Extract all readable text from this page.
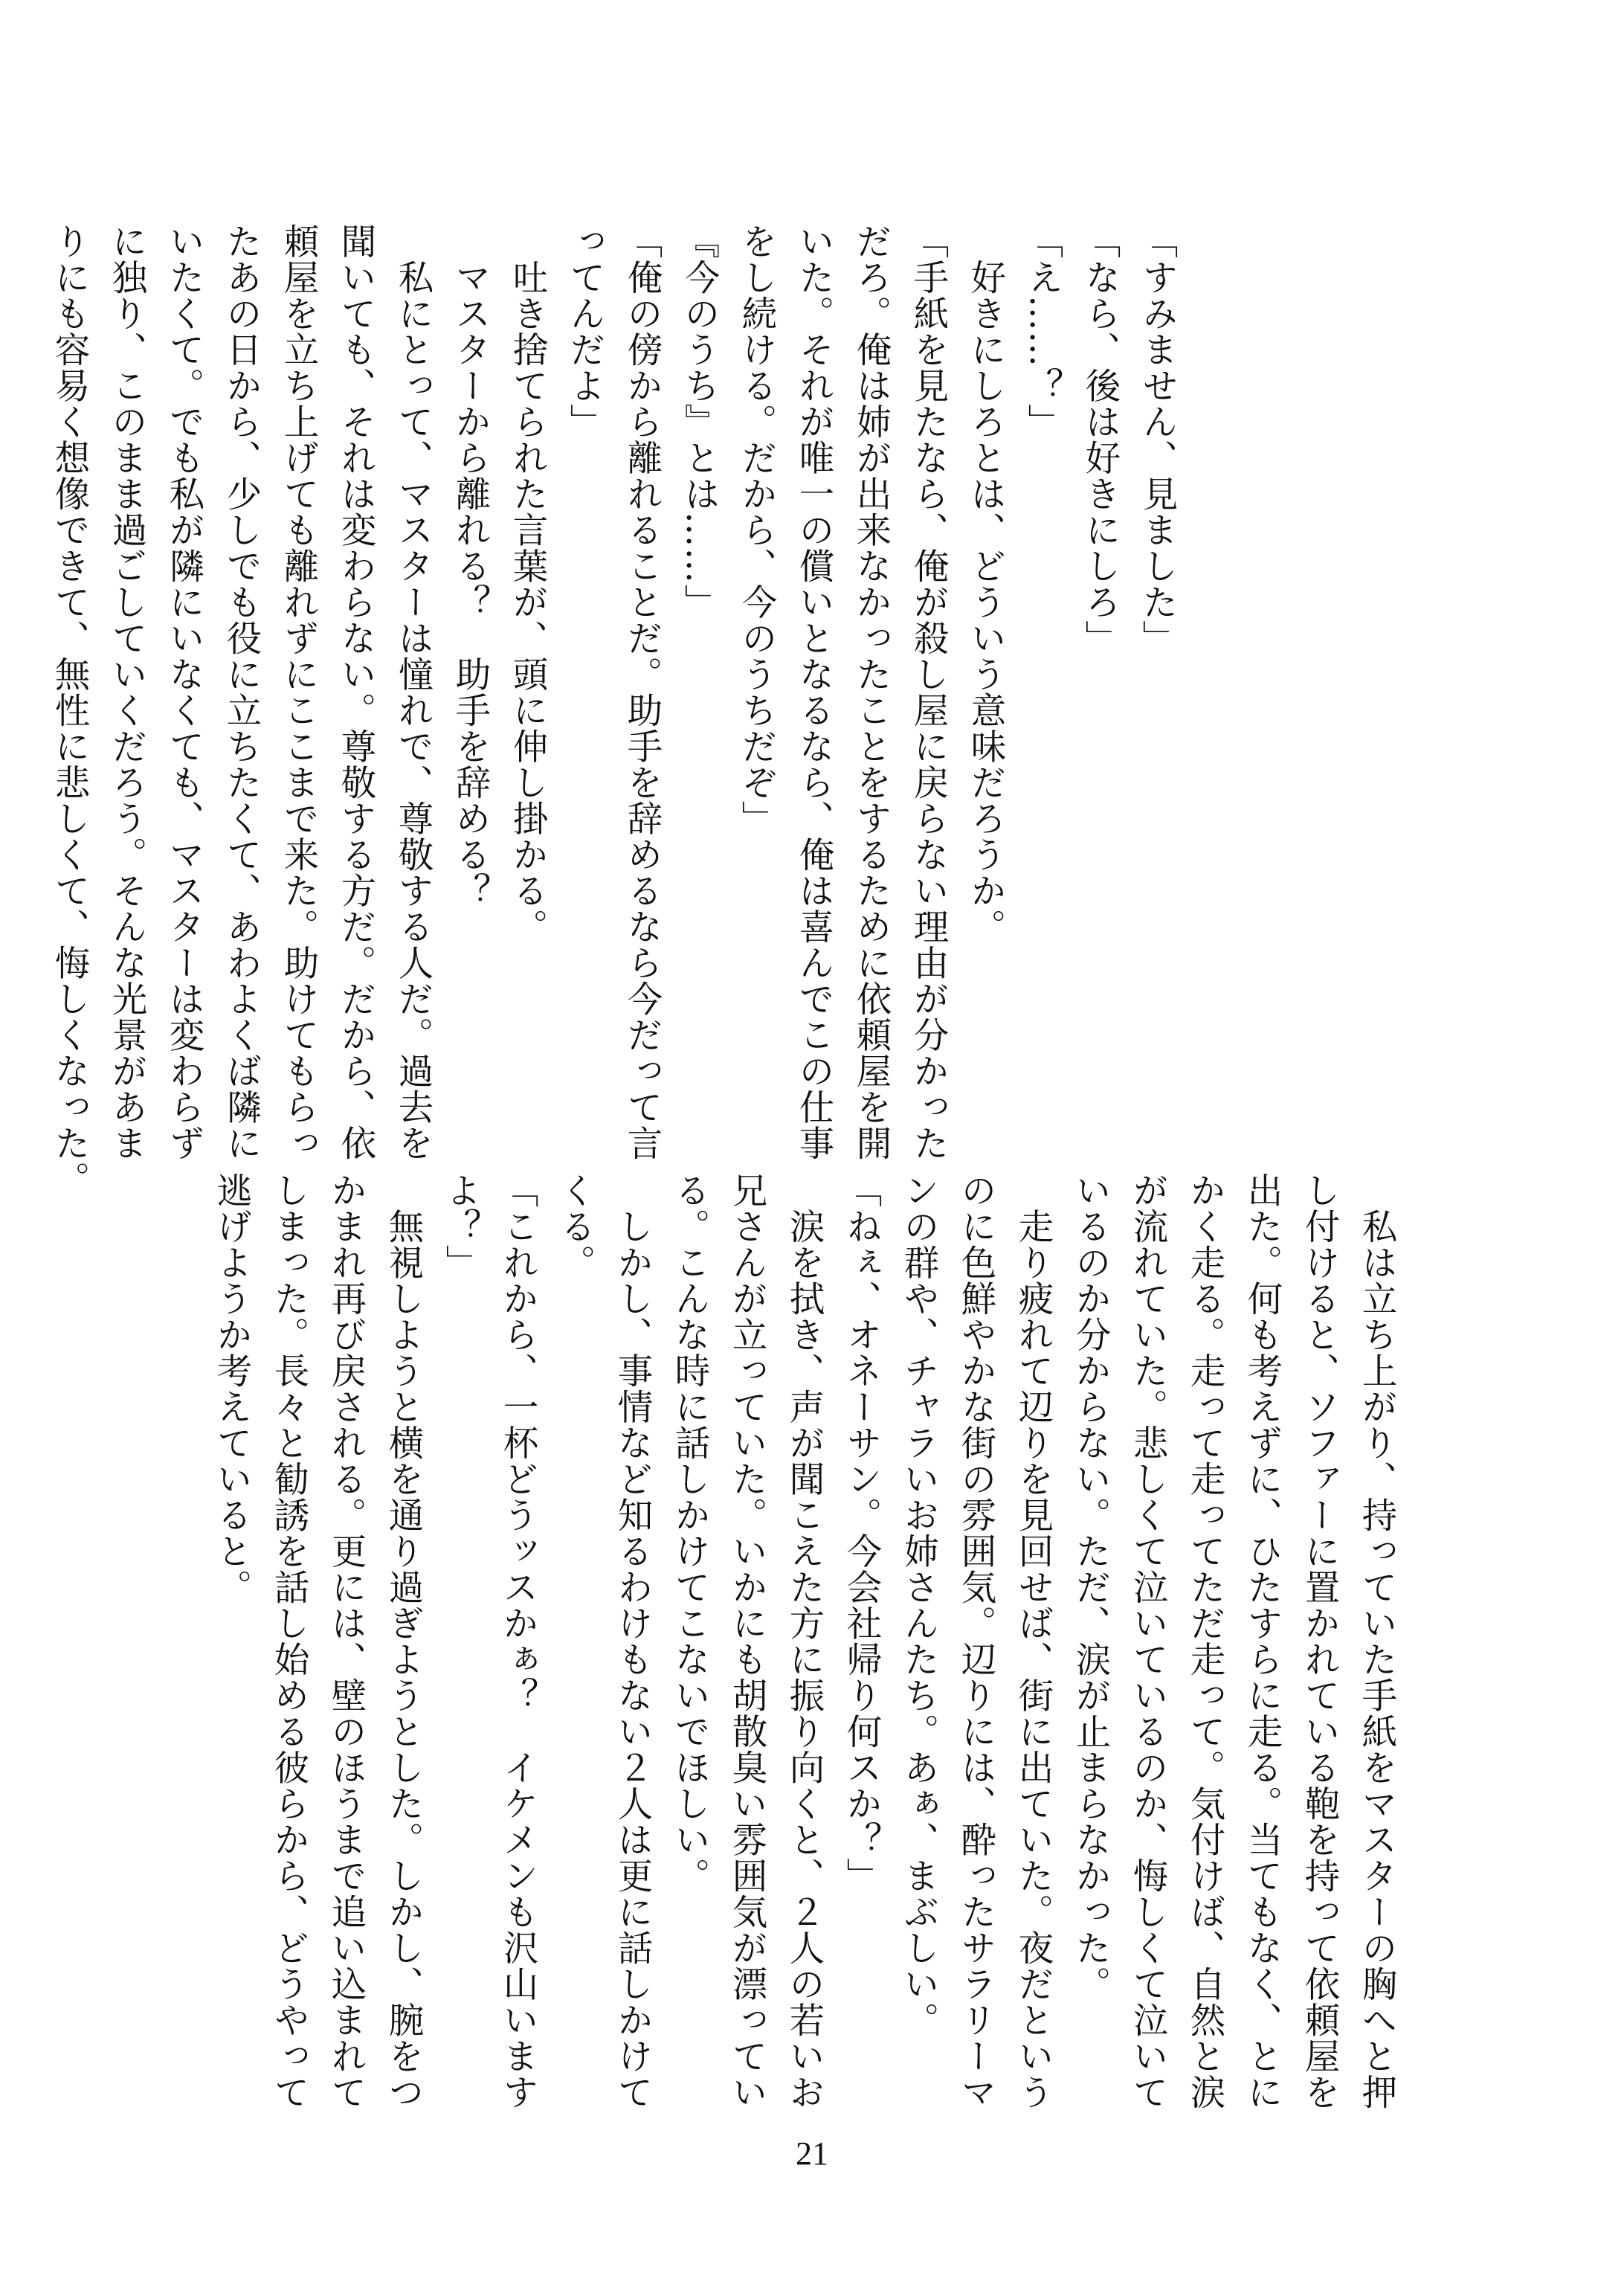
「すみません、見ました」

「なら、後は好きにしろ」

「え……？」

　好きにしろとは、どういう意味だろうか。

「手紙を見たなら、俺が殺し屋に戻らない理由が分かった

だろ。俺は姉が出来なかったことをするために依頼屋を開

いた。それが唯一の償いとなるなら、俺は喜んでこの仕事

をし続ける。だから、今のうちだぞ」

『今のうち』とは……」

「俺の傍から離れることだ。助手を辞めるなら今だって言

ってんだよ」

　吐き捨てられた言葉が、頭に伸し掛かる。

　マスターから離れる？　助手を辞める？

　私にとって、マスターは憧れで、尊敬する人だ。過去を

聞いても、それは変わらない。尊敬する方だ。だから、依

頼屋を立ち上げても離れずにここまで来た。助けてもらっ

たあの日から、少しでも役に立ちたくて、あわよくば隣に

いたくて。でも私が隣にいなくても、マスターは変わらず

に独り、このまま過ごしていくだろう。そんな光景があま

りにも容易く想像できて、無性に悲しくて、悔しくなった。

　私は立ち上がり、持っていた手紙をマスターの胸へと押

し付けると、ソファーに置かれている鞄を持って依頼屋を

出た。何も考えずに、ひたすらに走る。当てもなく、とに

かく走る。走って走ってただ走って。気付けば、自然と涙

が流れていた。悲しくて泣いているのか、悔しくて泣いて

いるのか分からない。ただ、涙が止まらなかった。

　走り疲れて辺りを見回せば、街に出ていた。夜だという

のに色鮮やかな街の雰囲気。辺りには、酔ったサラリーマ

ンの群や、チャラいお姉さんたち。あぁ、まぶしい。

「ねぇ、オネーサン。今会社帰り何スか？」

　涙を拭き、声が聞こえた方に振り向くと、２人の若いお

兄さんが立っていた。いかにも胡散臭い雰囲気が漂ってい

る。こんな時に話しかけてこないでほしい。

　しかし、事情など知るわけもない２人は更に話しかけて

くる。

「これから、一杯どうッスかぁ？　イケメンも沢山います

よ？」

　無視しようと横を通り過ぎようとした。しかし、腕をつ

かまれ再び戻される。更には、壁のほうまで追い込まれて

しまった。長々と勧誘を話し始める彼らから、どうやって

逃げようか考えていると。

21
